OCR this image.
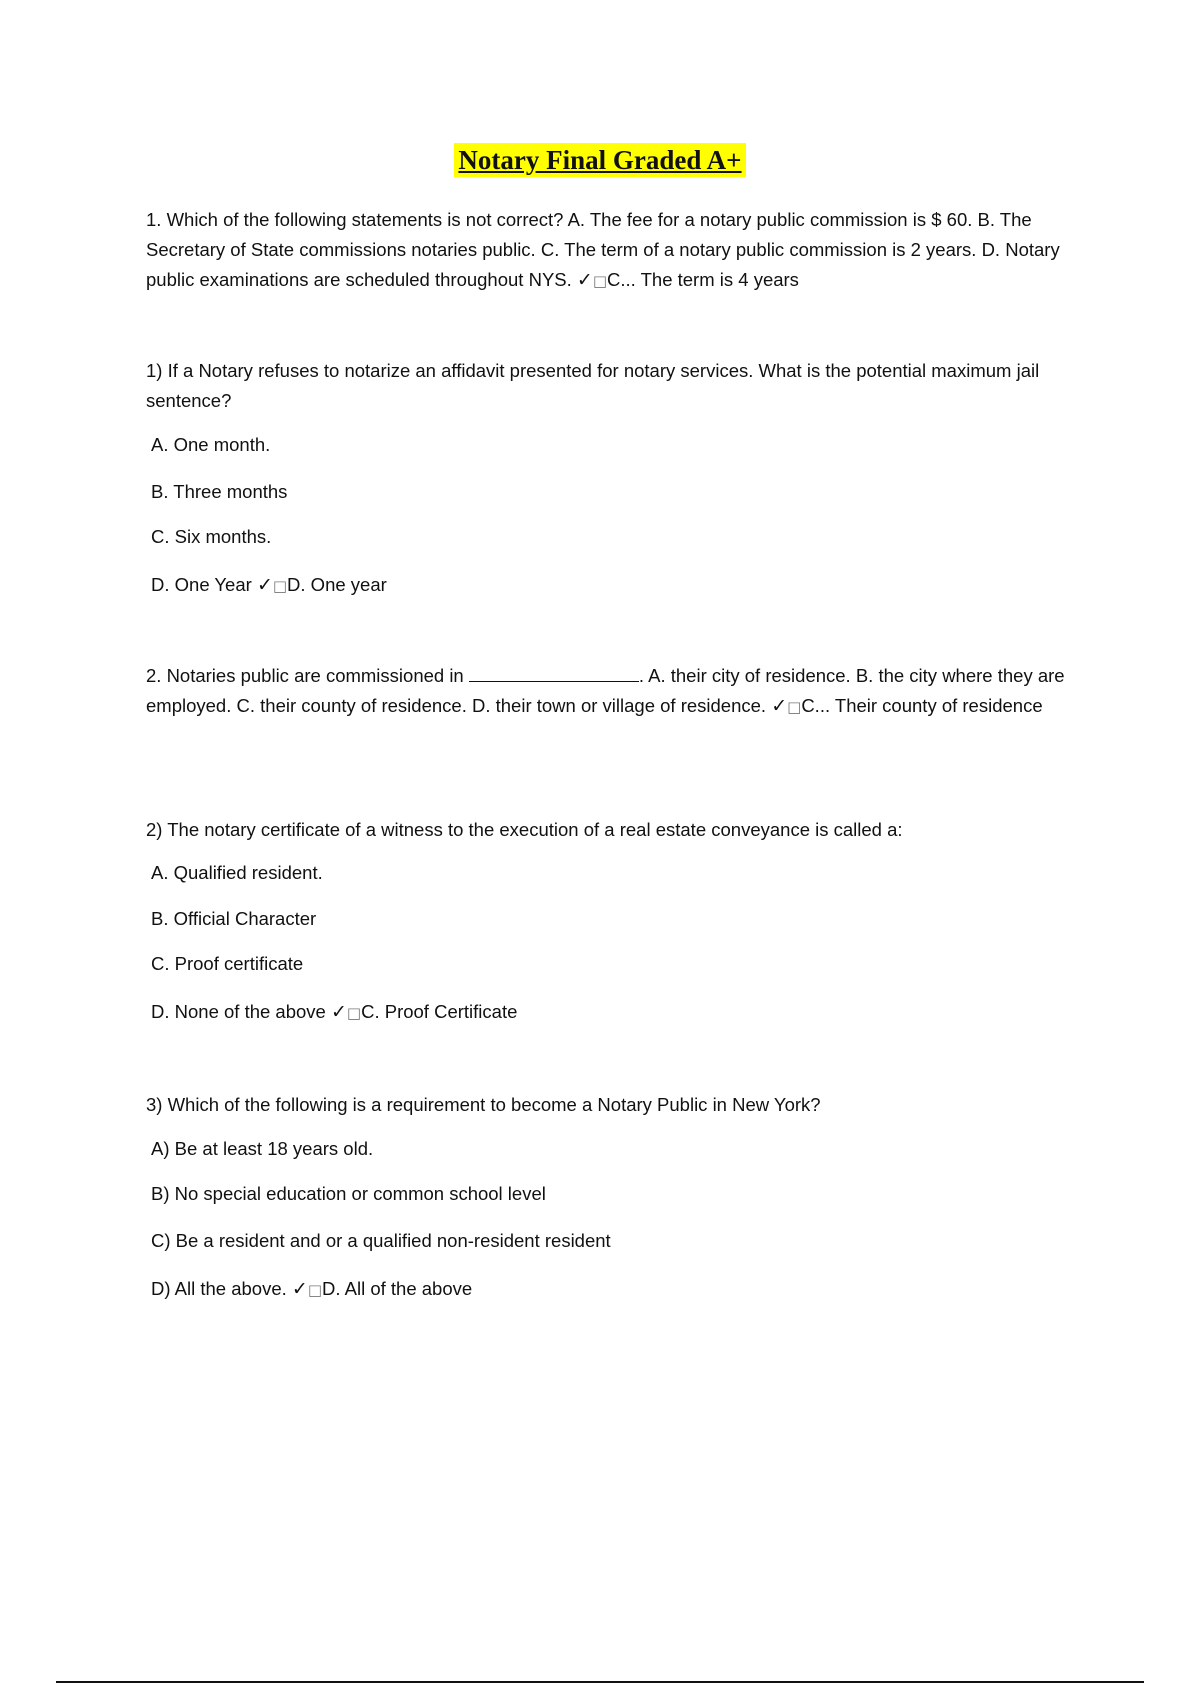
Notary Final Graded A+

1. Which of the following statements is not correct? A. The fee for a notary public commission is $ 60. B. The Secretary of State commissions notaries public. C. The term of a notary public commission is 2 years. D. Notary public examinations are scheduled throughout NYS. ✓□C... The term is 4 years

1) If a Notary refuses to notarize an affidavit presented for notary services. What is the potential maximum jail sentence?

A. One month.
B. Three months
C. Six months.
D. One Year ✓□D. One year

2. Notaries public are commissioned in	. A. their city of residence. B. the city where they are employed. C. their county of residence. D. their town or village of residence. ✓□C... Their county of residence

2) The notary certificate of a witness to the execution of a real estate conveyance is called a:

A. Qualified resident.
B. Official Character
C. Proof certificate
D. None of the above ✓□C. Proof Certificate

3) Which of the following is a requirement to become a Notary Public in New York?

A) Be at least 18 years old.
B) No special education or common school level
C) Be a resident and or a qualified non-resident resident
D) All the above. ✓□D. All of the above
